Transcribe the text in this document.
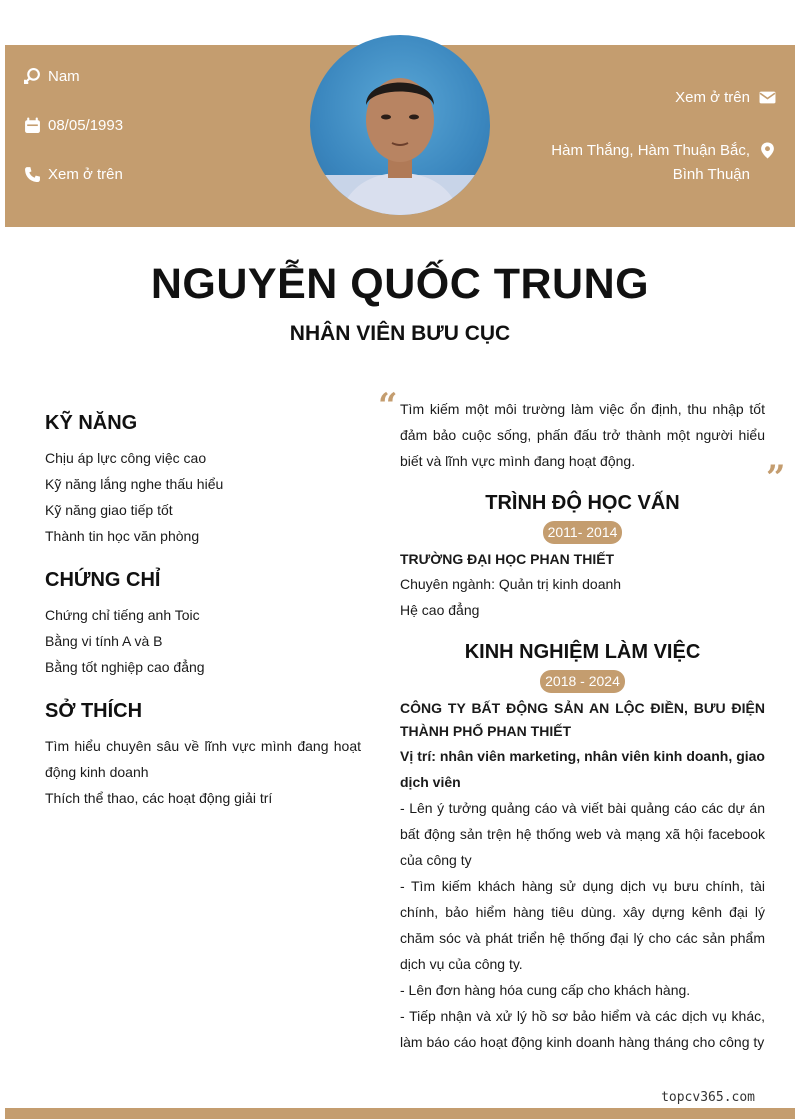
Nam
08/05/1993
Xem ở trên
Xem ở trên
Hàm Thắng, Hàm Thuận Bắc,
Bình Thuận
NGUYỄN QUỐC TRUNG
NHÂN VIÊN BƯU CỤC
KỸ NĂNG
Chịu áp lực công việc cao
Kỹ năng lắng nghe thấu hiểu
Kỹ năng giao tiếp tốt
Thành tin học văn phòng
CHỨNG CHỈ
Chứng chỉ tiếng anh Toic
Bằng vi tính A và B
Bằng tốt nghiệp cao đẳng
SỞ THÍCH
Tìm hiểu chuyên sâu về lĩnh vực mình đang hoạt động kinh doanh
Thích thể thao, các hoạt động giải trí
“
”
Tìm kiếm một môi trường làm việc ổn định, thu nhập tốt đảm bảo cuộc sống, phấn đấu trở thành một người hiểu biết và lĩnh vực mình đang hoạt động.
TRÌNH ĐỘ HỌC VẤN
2011- 2014
TRƯỜNG ĐẠI HỌC PHAN THIẾT
Chuyên ngành: Quản trị kinh doanh
Hệ cao đẳng
KINH NGHIỆM LÀM VIỆC
2018 - 2024
CÔNG TY BẤT ĐỘNG SẢN AN LỘC ĐIỀN, BƯU ĐIỆN THÀNH PHỐ PHAN THIẾT
Vị trí: nhân viên marketing, nhân viên kinh doanh, giao dịch viên
- Lên ý tưởng quảng cáo và viết bài quảng cáo các dự án bất động sản trện hệ thống web và mạng xã hội facebook của công ty
- Tìm kiếm khách hàng sử dụng dịch vụ bưu chính, tài chính, bảo hiểm hàng tiêu dùng. xây dựng kênh đại lý chăm sóc và phát triển hệ thống đại lý cho các sản phẩm dịch vụ của công ty.
- Lên đơn hàng hóa cung cấp cho khách hàng.
- Tiếp nhận và xử lý hồ sơ bảo hiểm và các dịch vụ khác, làm báo cáo hoạt động kinh doanh hàng tháng cho công ty
topcv365.com
